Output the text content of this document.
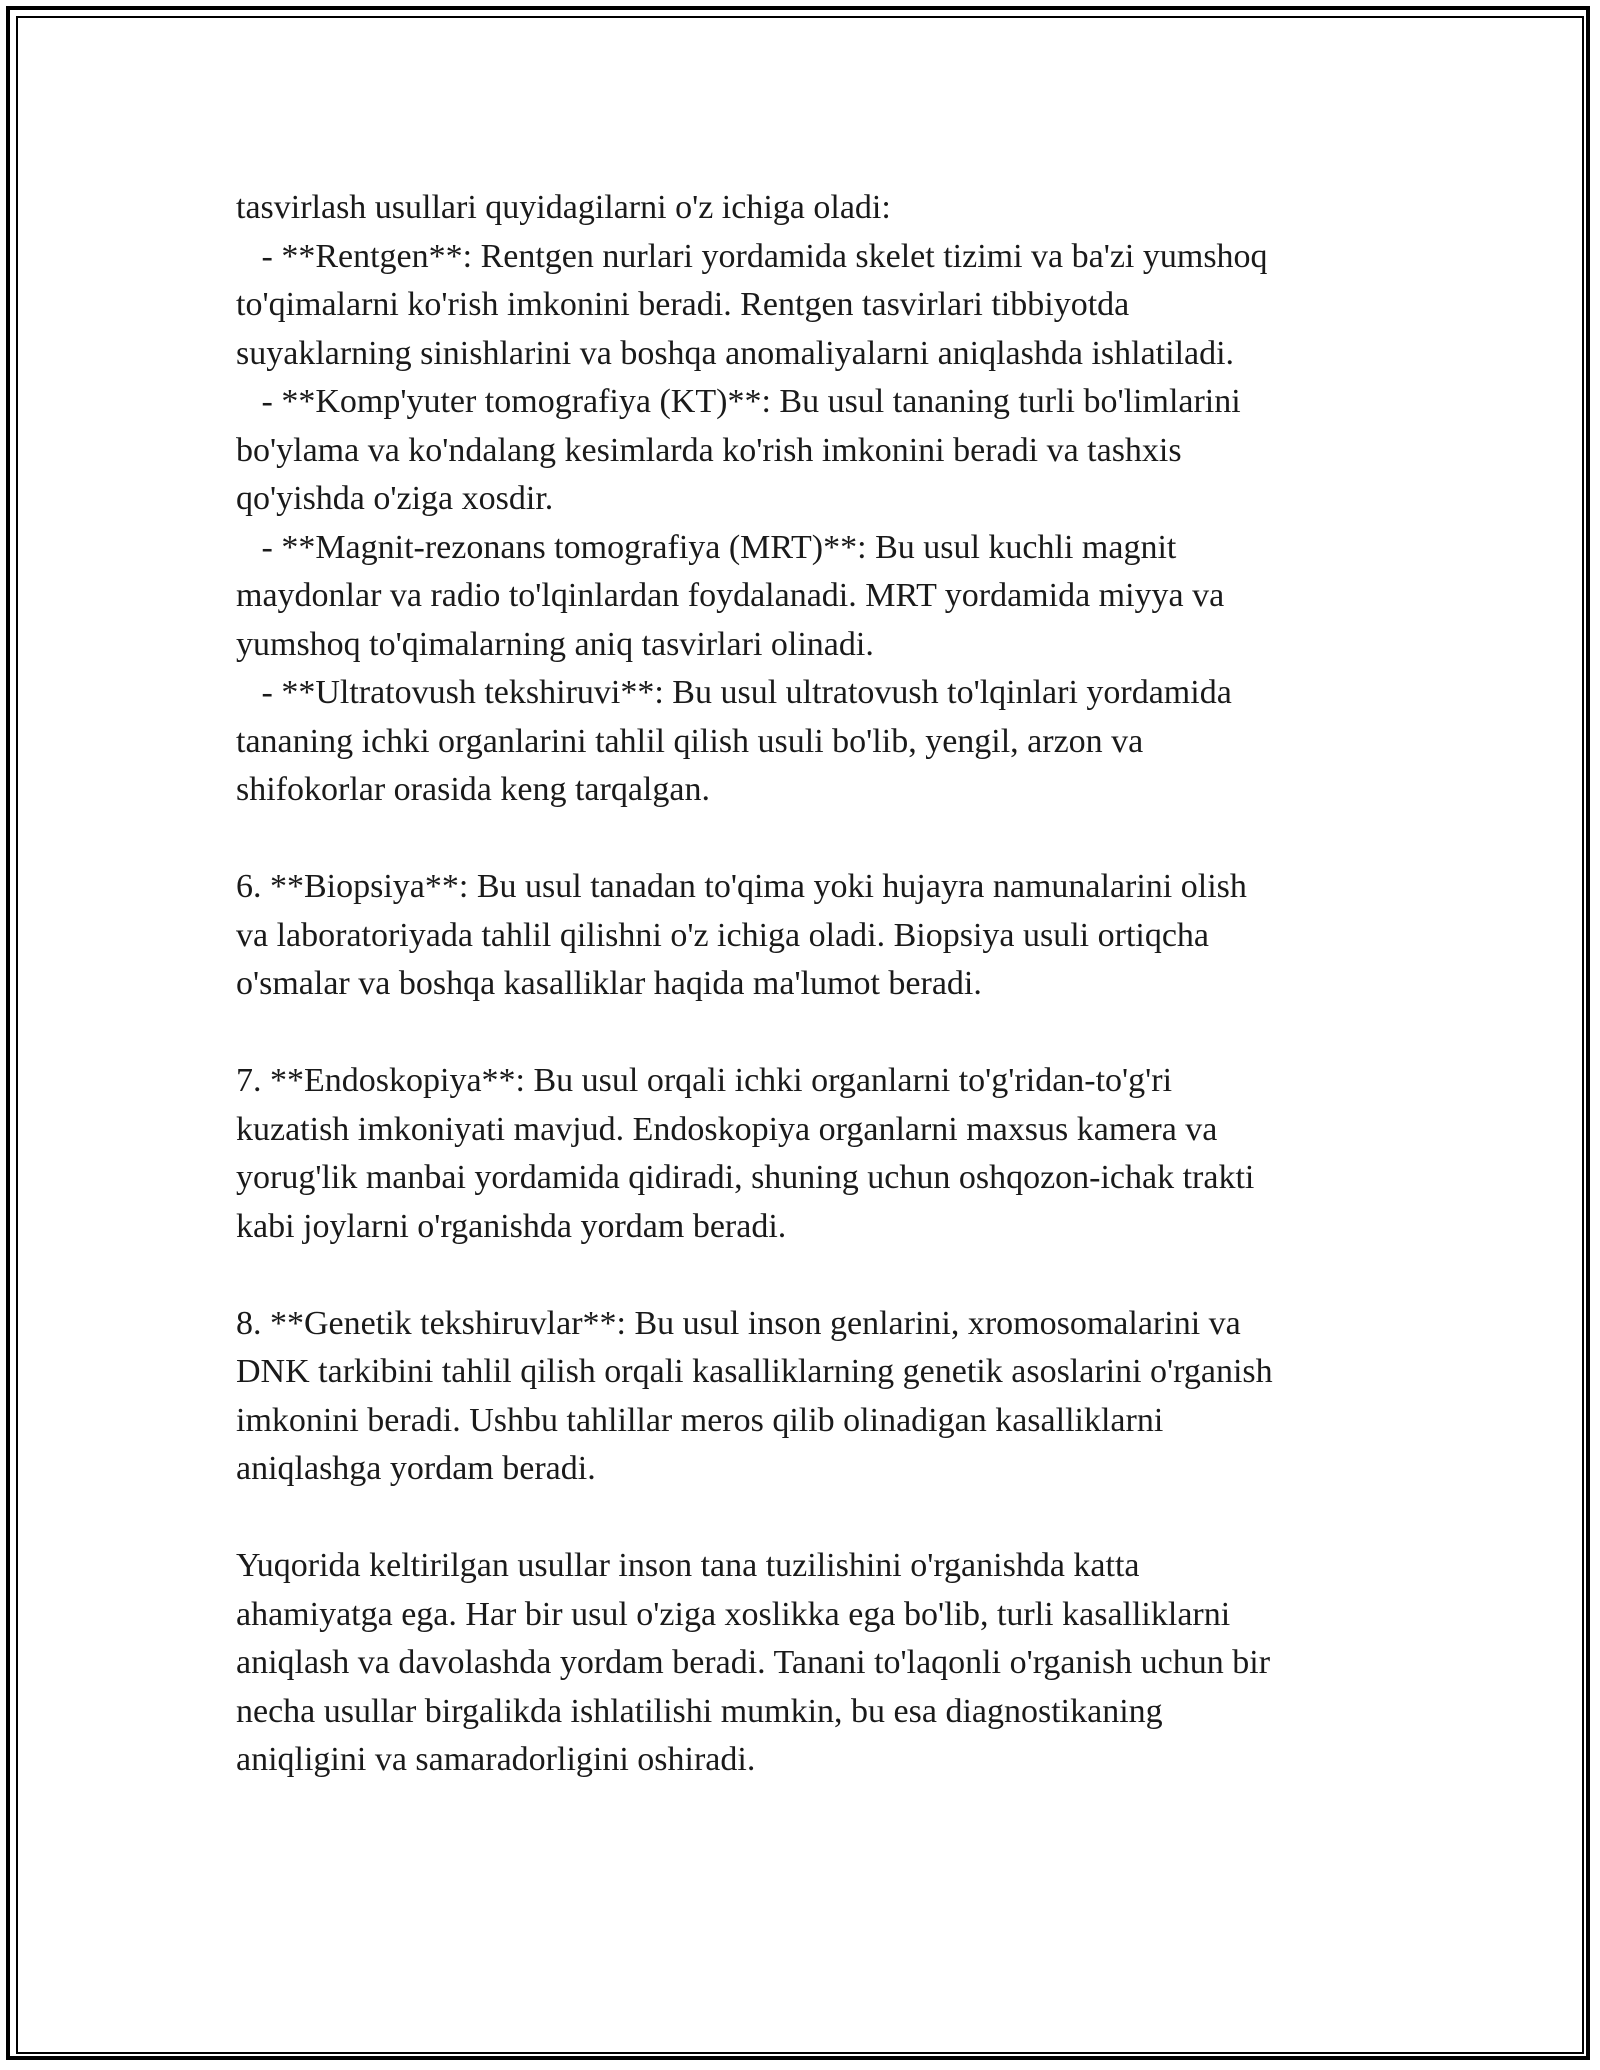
tasvirlash usullari quyidagilarni o'z ichiga oladi:

- **Rentgen**: Rentgen nurlari yordamida skelet tizimi va ba'zi yumshoq

to'qimalarni ko'rish imkonini beradi. Rentgen tasvirlari tibbiyotda

suyaklarning sinishlarini va boshqa anomaliyalarni aniqlashda ishlatiladi.

- **Komp'yuter tomografiya (KT)**: Bu usul tananing turli bo'limlarini

bo'ylama va ko'ndalang kesimlarda ko'rish imkonini beradi va tashxis

qo'yishda o'ziga xosdir.

- **Magnit-rezonans tomografiya (MRT)**: Bu usul kuchli magnit

maydonlar va radio to'lqinlardan foydalanadi. MRT yordamida miyya va

yumshoq to'qimalarning aniq tasvirlari olinadi.

- **Ultratovush tekshiruvi**: Bu usul ultratovush to'lqinlari yordamida

tananing ichki organlarini tahlil qilish usuli bo'lib, yengil, arzon va

shifokorlar orasida keng tarqalgan.

6. **Biopsiya**: Bu usul tanadan to'qima yoki hujayra namunalarini olish

va laboratoriyada tahlil qilishni o'z ichiga oladi. Biopsiya usuli ortiqcha

o'smalar va boshqa kasalliklar haqida ma'lumot beradi.

7. **Endoskopiya**: Bu usul orqali ichki organlarni to'g'ridan-to'g'ri

kuzatish imkoniyati mavjud. Endoskopiya organlarni maxsus kamera va

yorug'lik manbai yordamida qidiradi, shuning uchun oshqozon-ichak trakti

kabi joylarni o'rganishda yordam beradi.

8. **Genetik tekshiruvlar**: Bu usul inson genlarini, xromosomalarini va

DNK tarkibini tahlil qilish orqali kasalliklarning genetik asoslarini o'rganish

imkonini beradi. Ushbu tahlillar meros qilib olinadigan kasalliklarni

aniqlashga yordam beradi.

Yuqorida keltirilgan usullar inson tana tuzilishini o'rganishda katta

ahamiyatga ega. Har bir usul o'ziga xoslikka ega bo'lib, turli kasalliklarni

aniqlash va davolashda yordam beradi. Tanani to'laqonli o'rganish uchun bir

necha usullar birgalikda ishlatilishi mumkin, bu esa diagnostikaning

aniqligini va samaradorligini oshiradi.
